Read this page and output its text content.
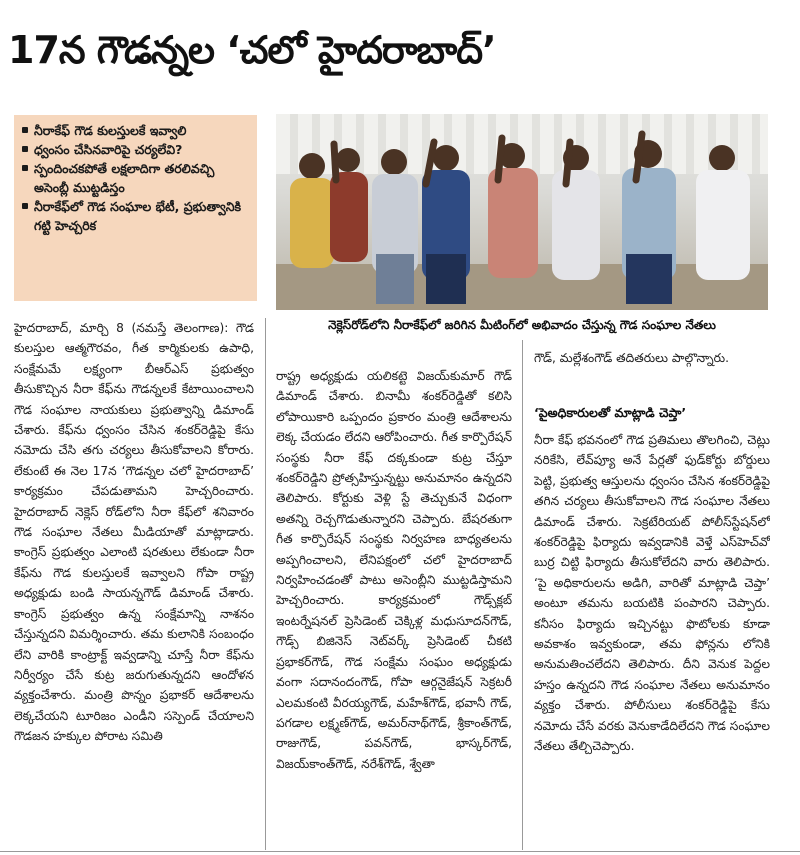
17న గౌడన్నల ‘చలో హైదరాబాద్’
నీరాకేఫ్ గౌడ కులస్తులకే ఇవ్వాలి
ధ్వంసం చేసినవారిపై చర్యలేవి?
స్పందించకపోతే లక్షలాదిగా తరలివచ్చి అసెంబ్లీ ముట్టడిస్తం
నీరాకేఫ్‌లో గౌడ సంఘాల భేటీ, ప్రభుత్వానికి గట్టి హెచ్చరిక
నెక్లెస్‌రోడ్‌లోని నీరాకేఫ్‌లో జరిగిన మీటింగ్‌లో అభివాదం చేస్తున్న గౌడ సంఘాల నేతలు
హైదరాబాద్, మార్చి 8 (నమస్తే తెలంగాణ): గౌడ కులస్తుల ఆత్మగౌరవం, గీత కార్మికులకు ఉపాధి, సంక్షేమమే లక్ష్యంగా బీఆర్ఎస్ ప్రభుత్వం తీసుకొచ్చిన నీరా కేఫ్‌ను గౌడన్నలకే కేటాయించాలని గౌడ సంఘాల నాయకులు ప్రభుత్వాన్ని డిమాండ్ చేశారు. కేఫ్‌ను ధ్వంసం చేసిన శంకర్‌రెడ్డిపై కేసు నమోదు చేసి తగు చర్యలు తీసుకోవాలని కోరారు. లేకుంటే ఈ నెల 17న ‘గౌడన్నల చలో హైదరాబాద్’ కార్యక్రమం చేపడుతామని హెచ్చరించారు. హైదరాబాద్ నెక్లెస్ రోడ్‌లోని నీరా కేఫ్‌లో శనివారం గౌడ సంఘాల నేతలు మీడియాతో మాట్లాడారు. కాంగ్రెస్ ప్రభుత్వం ఎలాంటి షరతులు లేకుండా నీరా కేఫ్‌ను గౌడ కులస్తులకే ఇవ్వాలని గోపా రాష్ట్ర అధ్యక్షుడు బండి సాయన్నగౌడ్ డిమాండ్ చేశారు. కాంగ్రెస్ ప్రభుత్వం ఉన్న సంక్షేమాన్ని నాశనం చేస్తున్నదని విమర్శించారు. తమ కులానికి సంబంధం లేని వారికి కాంట్రాక్ట్ ఇవ్వడాన్ని చూస్తే నీరా కేఫ్‌ను నిర్వీర్యం చేసే కుట్ర జరుగుతున్నదని ఆందోళన వ్యక్తంచేశారు. మంత్రి పొన్నం ప్రభాకర్ ఆదేశాలను లెక్కచేయని టూరిజం ఎండీని సస్పెండ్ చేయాలని గౌడజన హక్కుల పోరాట సమితి
రాష్ట్ర అధ్యక్షుడు యలికట్టె విజయ్‌కుమార్ గౌడ్ డిమాండ్ చేశారు. బినామీ శంకర్‌రెడ్డితో కలిసి లోపాయికారి ఒప్పందం ప్రకారం మంత్రి ఆదేశాలను లెక్క చేయడం లేదని ఆరోపించారు. గీత కార్పొరేషన్ సంస్థకు నీరా కేఫ్ దక్కకుండా కుట్ర చేస్తూ శంకర్‌రెడ్డిని ప్రోత్సహిస్తున్నట్టు అనుమానం ఉన్నదని తెలిపారు. కోర్టుకు వెళ్లి స్టే తెచ్చుకునే విధంగా అతన్ని రెచ్చగొడుతున్నారని చెప్పారు. బేషరతుగా గీత కార్పొరేషన్ సంస్థకు నిర్వహణ బాధ్యతలను అప్పగించాలని, లేనిపక్షంలో చలో హైదరాబాద్ నిర్వహించడంతో పాటు అసెంబ్లీని ముట్టడిస్తామని హెచ్చరించారు. కార్యక్రమంలో గౌడ్స్‌క్లబ్ ఇంటర్నేషనల్ ప్రెసిడెంట్ చెక్కిళ్ల మధుసూదన్‌గౌడ్, గౌడ్స్ బిజినెస్ నెట్‌వర్క్ ప్రెసిడెంట్ చీకటి ప్రభాకర్‌గౌడ్, గౌడ సంక్షేమ సంఘం అధ్యక్షుడు వంగా సదానందంగౌడ్, గోపా ఆర్గనైజేషన్ సెక్రటరీ ఎలమకంటి వీరయ్యగౌడ్, మహేశ్‌గౌడ్, భవానీ గౌడ్, పగడాల లక్ష్మణ్‌గౌడ్, అమర్‌నాథ్‌గౌడ్, శ్రీకాంత్‌గౌడ్, రాజుగౌడ్, పవన్‌గౌడ్, భాస్కర్‌గౌడ్, విజయ్‌కాంత్‌గౌడ్, నరేశ్‌గౌడ్, శ్వేతా
గౌడ్, మల్లేశంగౌడ్ తదితరులు పాల్గొన్నారు.
‘పైఅధికారులతో మాట్లాడి చెప్తా’
నీరా కేఫ్ భవనంలో గౌడ ప్రతిమలు తొలగించి, చెట్లు నరికేసి, లేవ్‌ప్యూ అనే పేర్లతో ఫుడ్‌కోర్టు బోర్డులు పెట్టి, ప్రభుత్వ ఆస్తులను ధ్వంసం చేసిన శంకర్‌రెడ్డిపై తగిన చర్యలు తీసుకోవాలని గౌడ సంఘాల నేతలు డిమాండ్ చేశారు. సెక్రటేరియట్ పోలీస్‌స్టేషన్‌లో శంకర్‌రెడ్డిపై ఫిర్యాదు ఇవ్వడానికి వెళ్తే ఎస్‌హెచ్‌వో బుర్ర చిట్టి ఫిర్యాదు తీసుకోలేదని వారు తెలిపారు. ‘పై అధికారులను అడిగి, వారితో మాట్లాడి చెప్తా’ అంటూ తమను బయటికి పంపారని చెప్పారు. కనీసం ఫిర్యాదు ఇచ్చినట్టు ఫొటోలకు కూడా అవకాశం ఇవ్వకుండా, తమ ఫోన్లను లోనికి అనుమతించలేదని తెలిపారు. దీని వెనుక పెద్దల హస్తం ఉన్నదని గౌడ సంఘాల నేతలు అనుమానం వ్యక్తం చేశారు. పోలీసులు శంకర్‌రెడ్డిపై కేసు నమోదు చేసే వరకు వెనుకాడేదిలేదని గౌడ సంఘాల నేతలు తేల్చిచెప్పారు.
